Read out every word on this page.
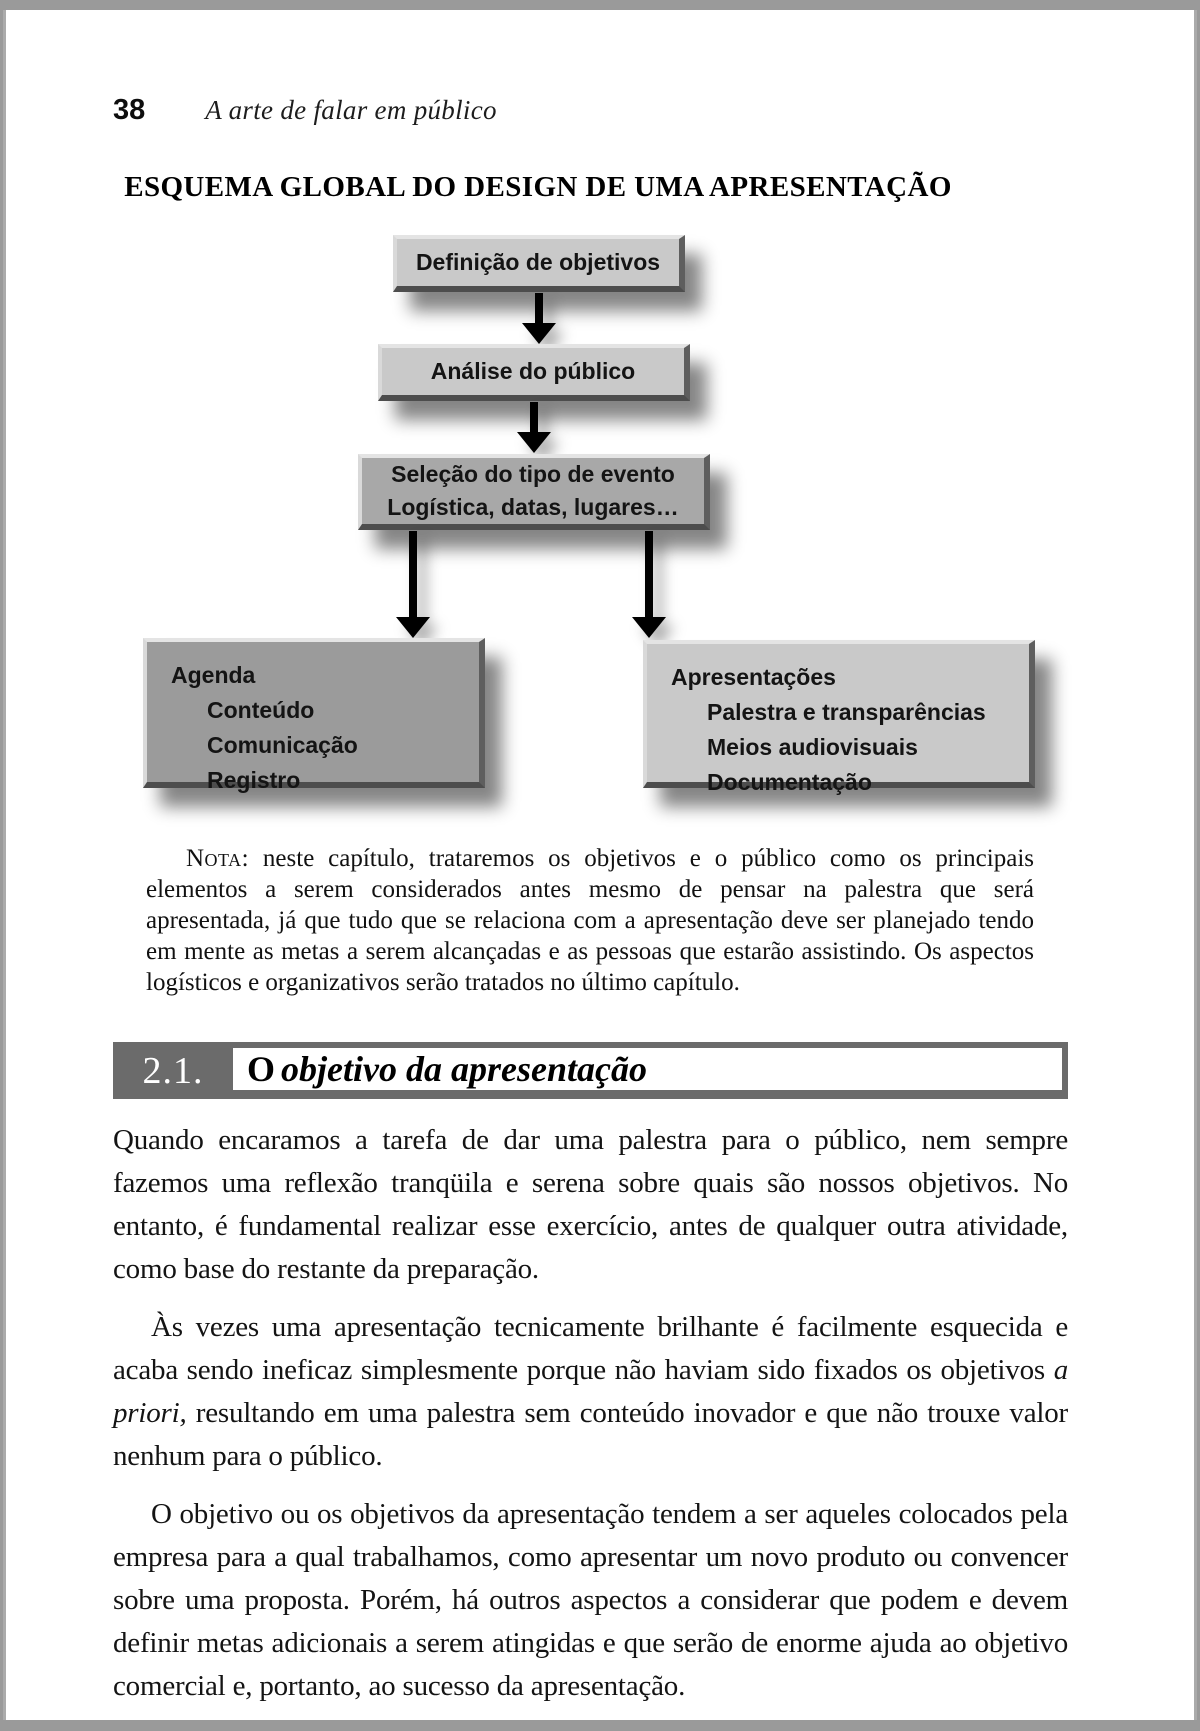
38 A arte de falar em público
ESQUEMA GLOBAL DO DESIGN DE UMA APRESENTAÇÃO
Definição de objetivos
Análise do público
Seleção do tipo de evento
Logística, datas, lugares…
Agenda
Conteúdo
Comunicação
Registro
Apresentações
Palestra e transparências
Meios audiovisuais
Documentação

Nota: neste capítulo, trataremos os objetivos e o público como os principais elementos a serem considerados antes mesmo de pensar na palestra que será apresentada, já que tudo que se relaciona com a apresentação deve ser planejado tendo em mente as metas a serem alcançadas e as pessoas que estarão assistindo. Os aspectos logísticos e organizativos serão tratados no último capítulo.

2.1.	O objetivo da apresentação

Quando encaramos a tarefa de dar uma palestra para o público, nem sempre fazemos uma reflexão tranqüila e serena sobre quais são nossos objetivos. No entanto, é fundamental realizar esse exercício, antes de qualquer outra atividade, como base do restante da preparação.

Às vezes uma apresentação tecnicamente brilhante é facilmente esquecida e acaba sendo ineficaz simplesmente porque não haviam sido fixados os objetivos a priori, resultando em uma palestra sem conteúdo inovador e que não trouxe valor nenhum para o público.

O objetivo ou os objetivos da apresentação tendem a ser aqueles colocados pela empresa para a qual trabalhamos, como apresentar um novo produto ou convencer sobre uma proposta. Porém, há outros aspectos a considerar que podem e devem definir metas adicionais a serem atingidas e que serão de enorme ajuda ao objetivo comercial e, portanto, ao sucesso da apresentação.
